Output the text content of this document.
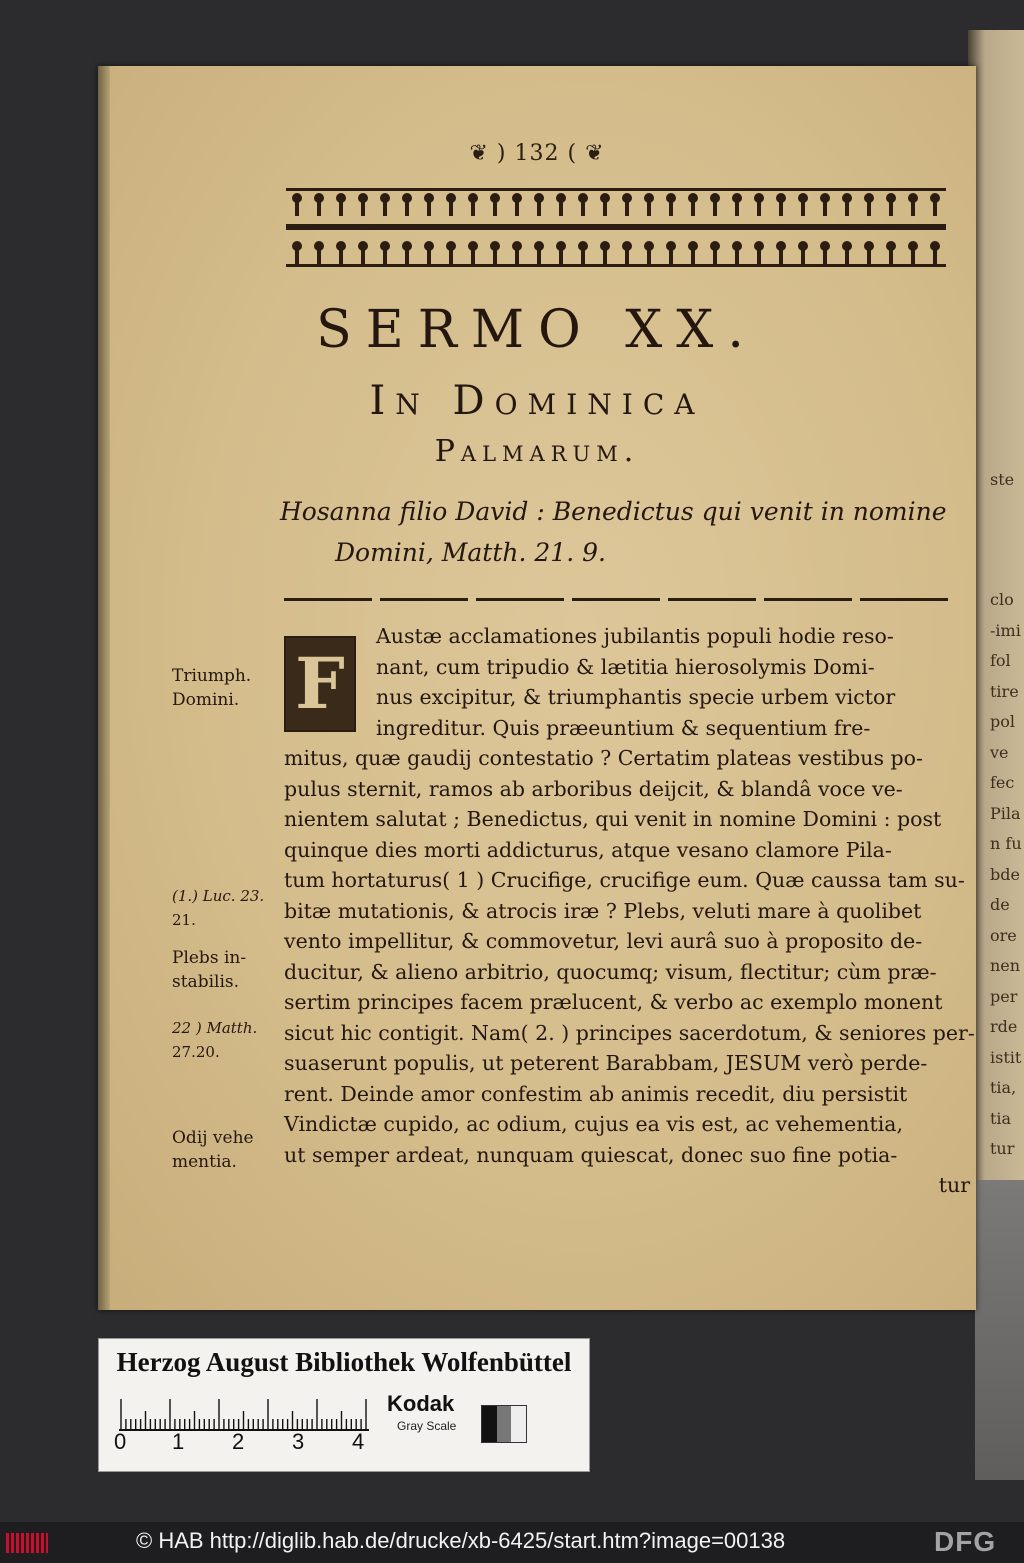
ste
clo
-imi
fol
tire
pol
ve
fec
Pila
n fu
bde
de
ore
nen
per
rde
istit
tia,
tia
tur
❦ ) 132 ( ❦
SERMO XX.
In Dominica
Palmarum.
Hosanna filio David : Benedictus qui venit in nomine
Domini, Matth. 21. 9.
F
Austæ acclamationes jubilantis populi hodie reso-
nant, cum tripudio & lætitia hierosolymis Domi-
nus excipitur, & triumphantis specie urbem victor
ingreditur. Quis præeuntium & sequentium fre-
mitus, quæ gaudij contestatio ? Certatim plateas vestibus po-
pulus sternit, ramos ab arboribus deijcit, & blandâ voce ve-
nientem salutat ; Benedictus, qui venit in nomine Domini : post
quinque dies morti addicturus, atque vesano clamore Pila-
tum hortaturus( 1 ) Crucifige, crucifige eum. Quæ caussa tam su-
bitæ mutationis, & atrocis iræ ? Plebs, veluti mare à quolibet
vento impellitur, & commovetur, levi aurâ suo à proposito de-
ducitur, & alieno arbitrio, quocumq; visum, flectitur; cùm præ-
sertim principes facem prælucent, & verbo ac exemplo monent
sicut hic contigit. Nam( 2. ) principes sacerdotum, & seniores per-
suaserunt populis, ut peterent Barabbam, JESUM verò perde-
rent. Deinde amor confestim ab animis recedit, diu persistit
Vindictæ cupido, ac odium, cujus ea vis est, ac vehementia,
ut semper ardeat, nunquam quiescat, donec suo fine potia-
tur
Triumph.
Domini.
(1.) Luc. 23.
21.
Plebs in-
stabilis.
22 ) Matth.
27.20.
Odij vehe
mentia.
Herzog August Bibliothek Wolfenbüttel
0 1 2 3 4
Kodak
Gray Scale
© HAB http://diglib.hab.de/drucke/xb-6425/start.htm?image=00138	DFG
